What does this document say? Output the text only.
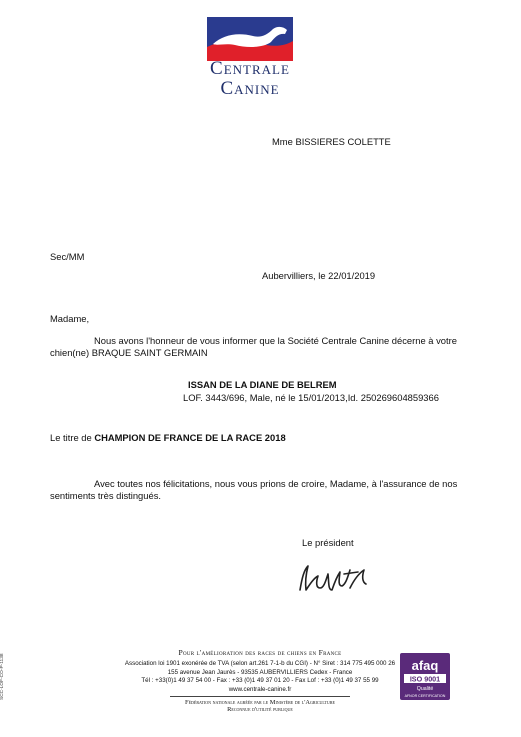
Centrale
Canine
Mme BISSIERES COLETTE
Sec/MM
Aubervilliers, le 22/01/2019
Madame,
Nous avons l'honneur de vous informer que la Société Centrale Canine décerne à votre
chien(ne) BRAQUE SAINT GERMAIN
ISSAN DE LA DIANE DE BELREM
LOF. 3443/696, Male, né le 15/01/2013,Id. 250269604859366
Le titre de CHAMPION DE FRANCE DE LA RACE 2018
Avec toutes nos félicitations, nous vous prions de croire, Madame, à l'assurance de nos
sentiments très distingués.
Le président
SCC-LOF-CO-P-1138
Pour l'amélioration des races de chiens en France
Association loi 1901 exonérée de TVA (selon art.261 7-1-b du CGI) - N° Siret : 314 775 495 000 26
155 avenue Jean Jaurès - 93535 AUBERVILLIERS Cedex - France
Tél : +33(0)1 49 37 54 00 - Fax : +33 (0)1 49 37 01 20 - Fax Lof : +33 (0)1 49 37 55 99
www.centrale-canine.fr
Fédération nationale agréée par le Ministère de l'Agriculture
Reconnue d'utilité publique
afaq
ISO 9001
Qualité
AFNOR CERTIFICATION
